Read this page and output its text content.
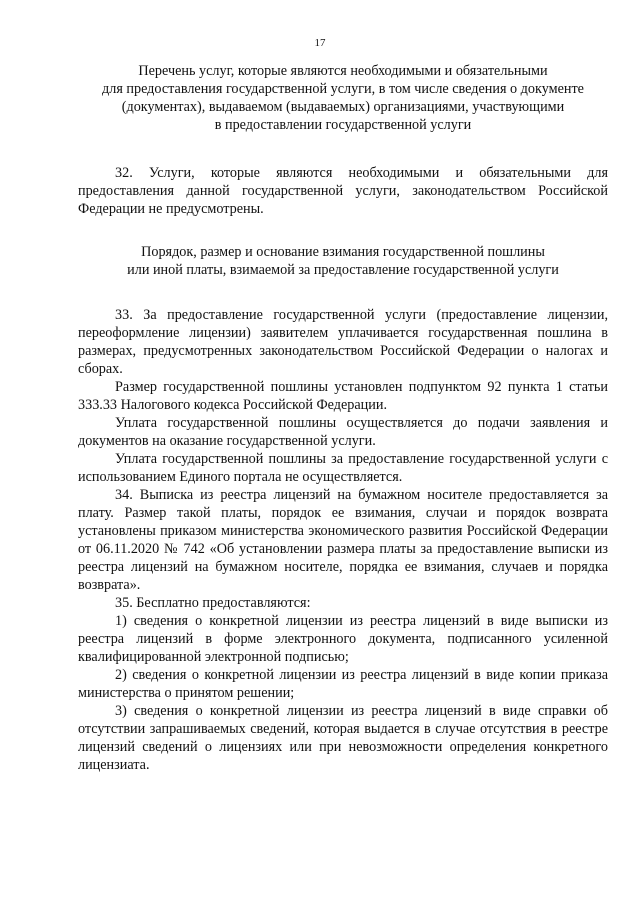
17
Перечень услуг, которые являются необходимыми и обязательными
для предоставления государственной услуги, в том числе сведения о документе
(документах), выдаваемом (выдаваемых) организациями, участвующими
в предоставлении государственной услуги

32. Услуги, которые являются необходимыми и обязательными для предоставления данной государственной услуги, законодательством Российской Федерации не предусмотрены.

Порядок, размер и основание взимания государственной пошлины
или иной платы, взимаемой за предоставление государственной услуги

33. За предоставление государственной услуги (предоставление лицензии, переоформление лицензии) заявителем уплачивается государственная пошлина в размерах, предусмотренных законодательством Российской Федерации о налогах и сборах.

Размер государственной пошлины установлен подпунктом 92 пункта 1 статьи 333.33 Налогового кодекса Российской Федерации.

Уплата государственной пошлины осуществляется до подачи заявления и документов на оказание государственной услуги.

Уплата государственной пошлины за предоставление государственной услуги с использованием Единого портала не осуществляется.

34. Выписка из реестра лицензий на бумажном носителе предоставляется за плату. Размер такой платы, порядок ее взимания, случаи и порядок возврата установлены приказом министерства экономического развития Российской Федерации от 06.11.2020 № 742 «Об установлении размера платы за предоставление выписки из реестра лицензий на бумажном носителе, порядка ее взимания, случаев и порядка возврата».

35. Бесплатно предоставляются:

1) сведения о конкретной лицензии из реестра лицензий в виде выписки из реестра лицензий в форме электронного документа, подписанного усиленной квалифицированной электронной подписью;

2) сведения о конкретной лицензии из реестра лицензий в виде копии приказа министерства о принятом решении;

3) сведения о конкретной лицензии из реестра лицензий в виде справки об отсутствии запрашиваемых сведений, которая выдается в случае отсутствия в реестре лицензий сведений о лицензиях или при невозможности определения конкретного лицензиата.
